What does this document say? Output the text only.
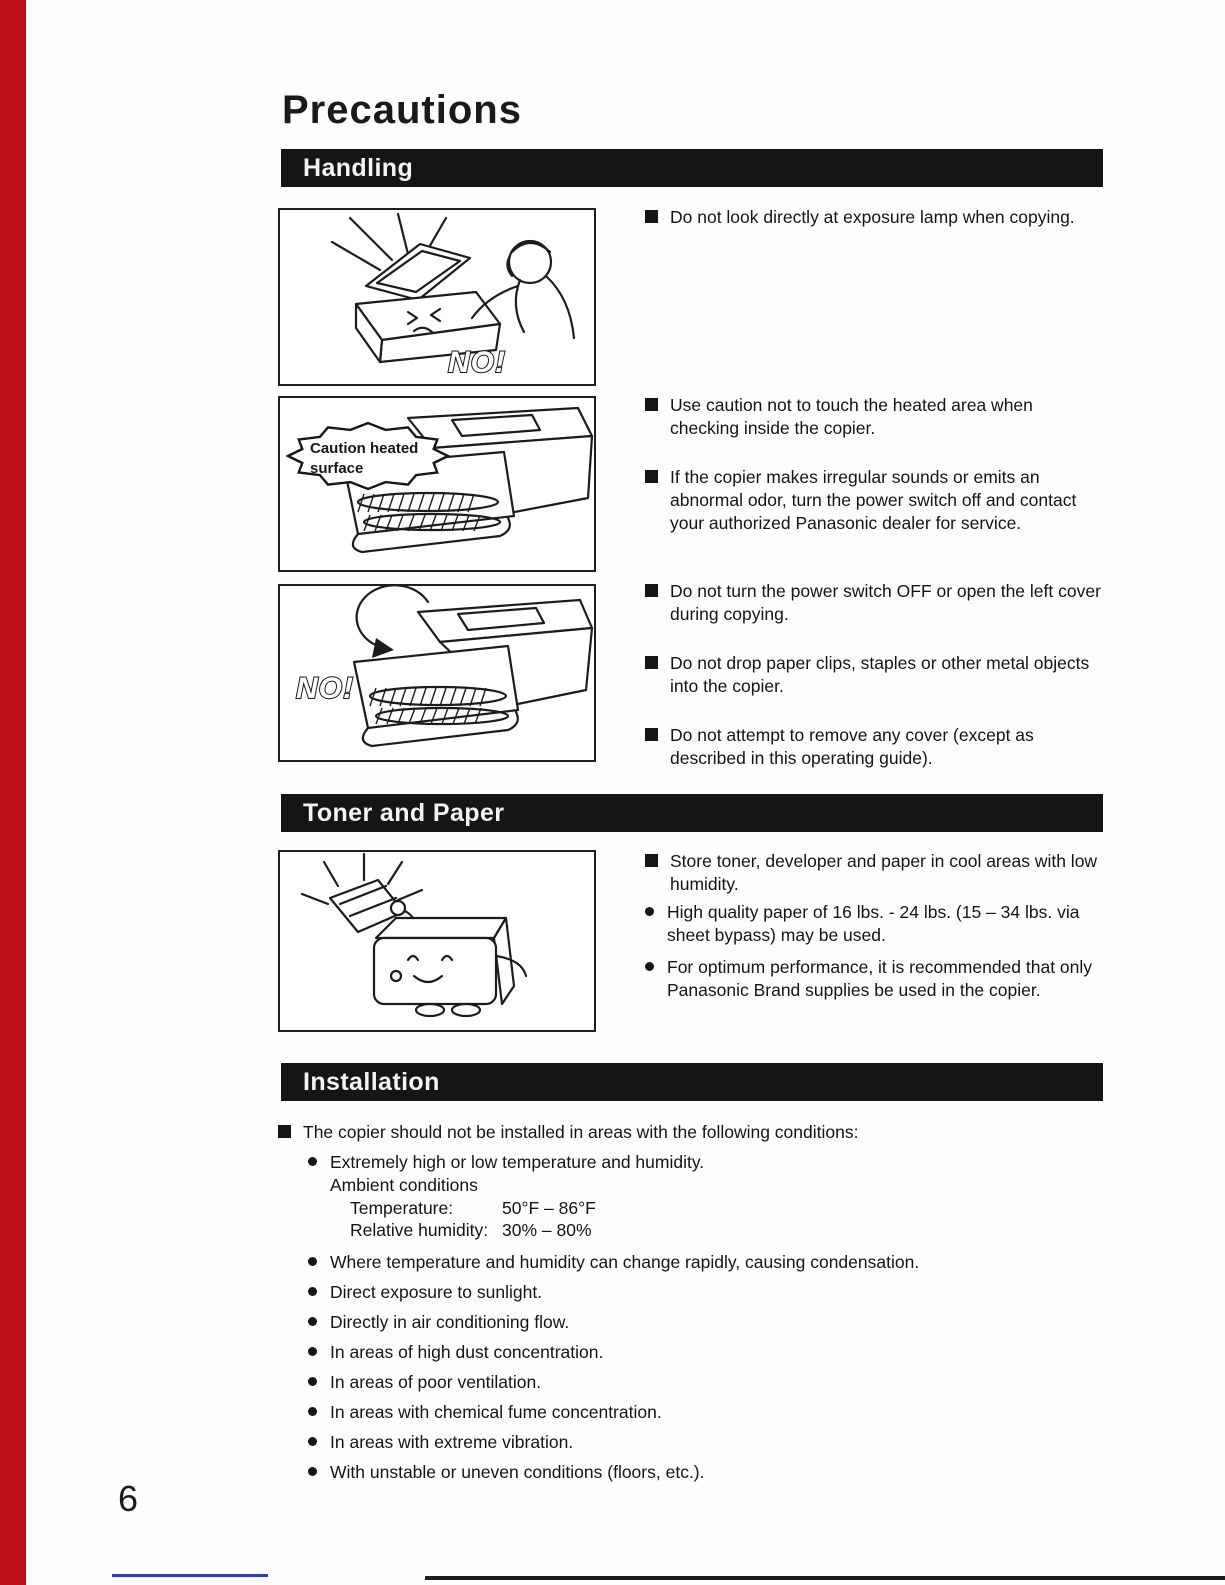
Precautions
Handling
NO!
Caution heated
surface
NO!
Do not look directly at exposure lamp when copying.
Use caution not to touch the heated area when checking inside the copier.
If the copier makes irregular sounds or emits an abnormal odor, turn the power switch off and contact your authorized Panasonic dealer for service.
Do not turn the power switch OFF or open the left cover during copying.
Do not drop paper clips, staples or other metal objects into the copier.
Do not attempt to remove any cover (except as described in this operating guide).
Toner and Paper
Store toner, developer and paper in cool areas with low humidity.
High quality paper of 16 lbs. - 24 lbs. (15 – 34 lbs. via sheet bypass) may be used.
For optimum performance, it is recommended that only Panasonic Brand supplies be used in the copier.
Installation
The copier should not be installed in areas with the following conditions:
Extremely high or low temperature and humidity.
Ambient conditions
Temperature:	50°F – 86°F
Relative humidity: 30% – 80%
Where temperature and humidity can change rapidly, causing condensation.
Direct exposure to sunlight.
Directly in air conditioning flow.
In areas of high dust concentration.
In areas of poor ventilation.
In areas with chemical fume concentration.
In areas with extreme vibration.
With unstable or uneven conditions (floors, etc.).
6
